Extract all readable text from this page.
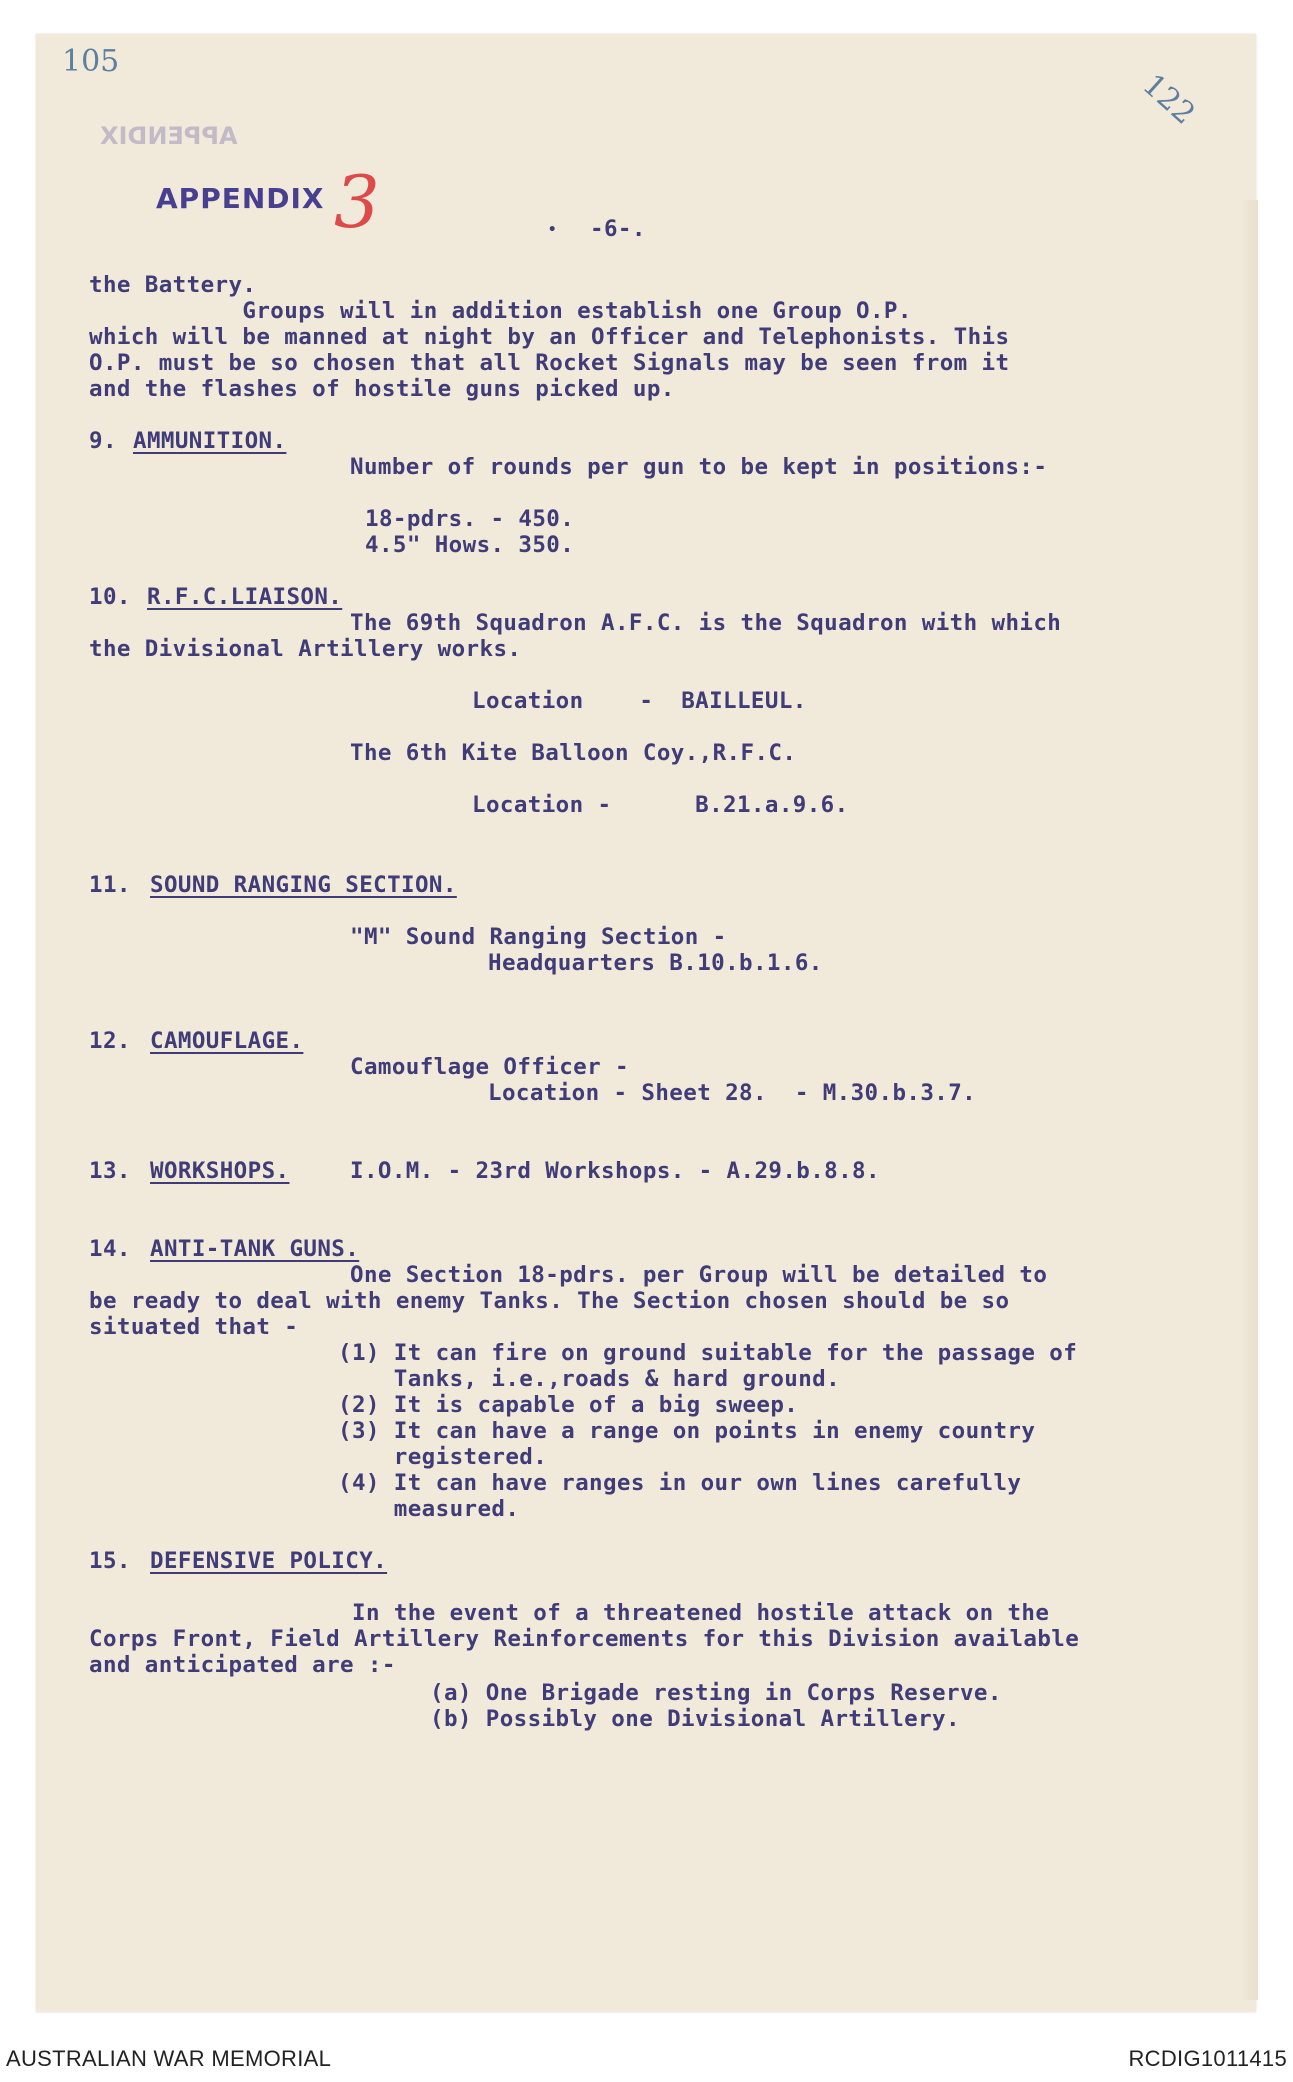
105
122
APPENDIX
APPENDIX 3	• -6-.
the Battery.
Groups will in addition establish one Group O.P.
which will be manned at night by an Officer and Telephonists. This
O.P. must be so chosen that all Rocket Signals may be seen from it
and the flashes of hostile guns picked up.
9. AMMUNITION.
Number of rounds per gun to be kept in positions:-
18-pdrs. - 450.
4.5" Hows. 350.
10. R.F.C.LIAISON.
The 69th Squadron A.F.C. is the Squadron with which
the Divisional Artillery works.
Location    -  BAILLEUL.
The 6th Kite Balloon Coy.,R.F.C.
Location -      B.21.a.9.6.
11. SOUND RANGING SECTION.
"M" Sound Ranging Section -
Headquarters B.10.b.1.6.
12. CAMOUFLAGE.
Camouflage Officer -
Location - Sheet 28.  - M.30.b.3.7.
13. WORKSHOPS.	I.O.M. - 23rd Workshops. - A.29.b.8.8.
14. ANTI-TANK GUNS.
One Section 18-pdrs. per Group will be detailed to
be ready to deal with enemy Tanks. The Section chosen should be so
situated that -
(1) It can fire on ground suitable for the passage of
Tanks, i.e.,roads & hard ground.
(2) It is capable of a big sweep.
(3) It can have a range on points in enemy country
registered.
(4) It can have ranges in our own lines carefully
measured.
15. DEFENSIVE POLICY.
In the event of a threatened hostile attack on the
Corps Front, Field Artillery Reinforcements for this Division available
and anticipated are :-
(a) One Brigade resting in Corps Reserve.
(b) Possibly one Divisional Artillery.
AUSTRALIAN WAR MEMORIAL	RCDIG1011415
